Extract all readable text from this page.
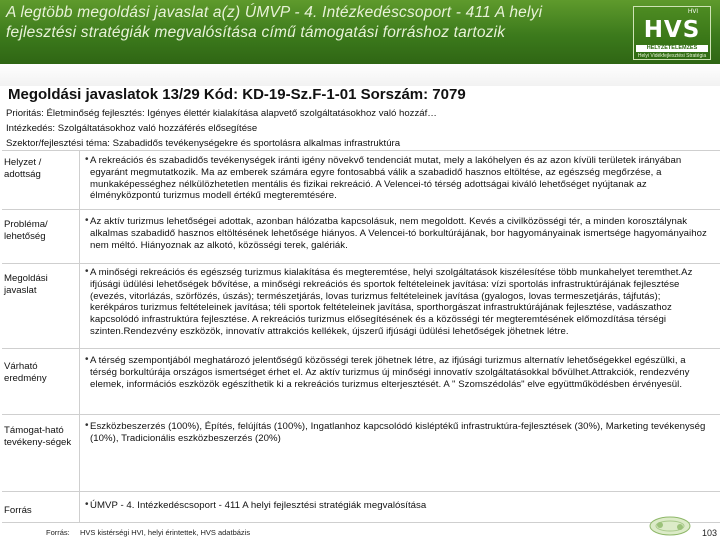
A legtöbb megoldási javaslat a(z) ÚMVP - 4. Intézkedéscsoport - 411 A helyi fejlesztési stratégiák megvalósítása című támogatási forráshoz tartozik
HVI
HVS
HELYZETELEMZÉS
Helyi Vidékfejlesztési Stratégia
Megoldási javaslatok 13/29 Kód: KD-19-Sz.F-1-01 Sorszám: 7079
Prioritás: Életminőség fejlesztés: Igényes élettér kialakítása alapvető szolgáltatásokhoz való hozzáf…
Intézkedés: Szolgáltatásokhoz való hozzáférés elősegítése
Szektor/fejlesztési téma: Szabadidős tevékenységekre és sportolásra alkalmas infrastruktúra
Helyzet / adottság
• A rekreációs és szabadidős tevékenységek iránti igény növekvő tendenciát mutat, mely a lakóhelyen és az azon kívüli területek irányában egyaránt megmutatkozik. Ma az emberek számára egyre fontosabbá válik a szabadidő hasznos eltöltése, az egészség megőrzése, a munkaképességhez nélkülözhetetlen mentális és fizikai rekreáció. A Velencei-tó térség adottságai kiváló lehetőséget nyújtanak az élményközpontú turizmus modell értékű megteremtésére.
Probléma/ lehetőség
• Az aktív turizmus lehetőségei adottak, azonban hálózatba kapcsolásuk, nem megoldott. Kevés a civilközösségi tér, a minden korosztálynak alkalmas szabadidő hasznos eltöltésének lehetősége hiányos. A Velencei-tó borkultúrájának, bor hagyományainak ismertsége hagyományaihoz nem méltó. Hiányoznak az alkotó, közösségi terek, galériák.
Megoldási javaslat
• A minőségi rekreációs és egészség turizmus kialakítása és megteremtése, helyi szolgáltatások kiszélesítése több munkahelyet teremthet.Az ifjúsági üdülési lehetőségek bővítése, a minőségi rekreációs és sportok feltételeinek javítása: vízi sportolás infrastruktúrájának fejlesztése (evezés, vitorlázás, szörfözés, úszás); természetjárás, lovas turizmus feltételeinek javítása (gyalogos, lovas termeszetjárás, tájfutás); kerékpáros turizmus feltételeinek javítása; téli sportok feltételeinek javítása, sporthorgászat infrastruktúrájának fejlesztése, vadászathoz kapcsolódó infrastruktúra fejlesztése. A rekreációs turizmus elősegítésének és a közösségi tér megteremtésének előmozdítása térségi szinten.Rendezvény eszközök, innovatív attrakciós kellékek, újszerű ifjúsági üdülési lehetőségek jöhetnek létre.
Várható eredmény
• A térség szempontjából meghatározó jelentőségű közösségi terek jöhetnek létre, az ifjúsági turizmus alternatív lehetőségekkel egészülki, a térség borkultúrája országos ismertséget érhet el. Az aktív turizmus új minőségi innovatív szolgáltatásokkal bővülhet.Attrakciók, rendezvény elemek, információs eszközök egészíthetik ki a rekreációs turizmus elterjesztését. A " Szomszédolás" elve együttműködésben érvényesül.
Támogat-ható tevékeny-ségek
• Eszközbeszerzés (100%), Építés, felújítás (100%), Ingatlanhoz kapcsolódó kisléptékű infrastruktúra-fejlesztések (30%), Marketing tevékenység (10%), Tradicionális eszközbeszerzés (20%)
Forrás
• ÚMVP - 4. Intézkedéscsoport - 411 A helyi fejlesztési stratégiák megvalósítása
Forrás: HVS kistérségi HVI, helyi érintettek, HVS adatbázis	103
